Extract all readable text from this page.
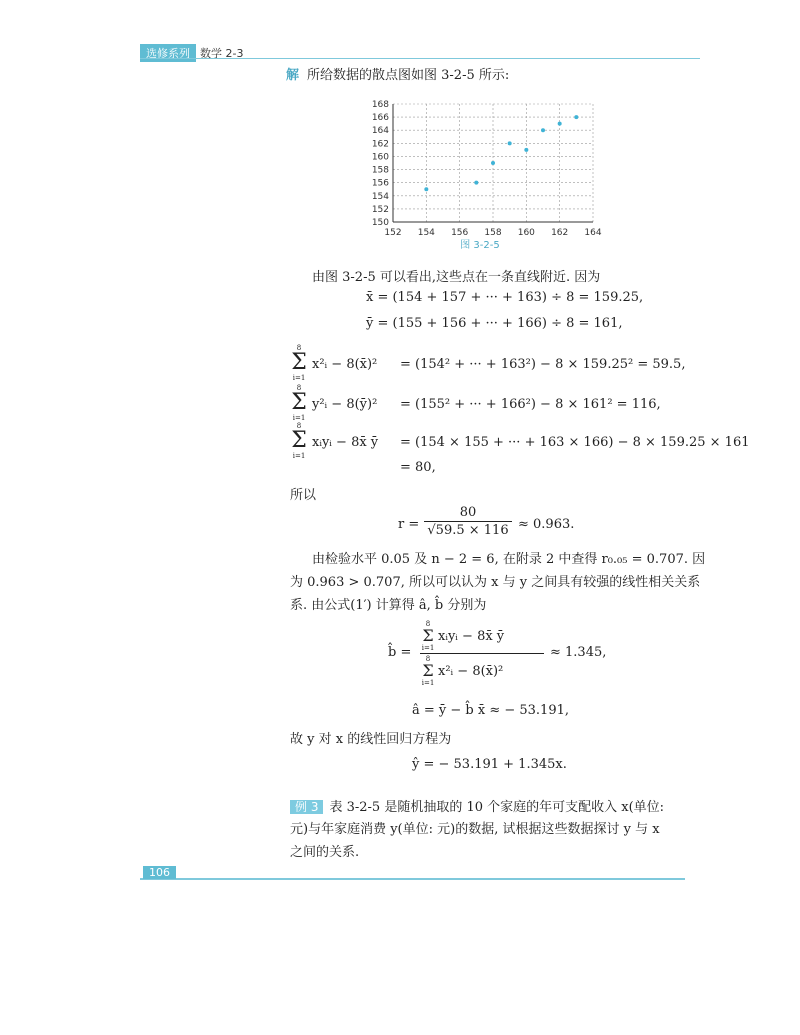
选修系列 数学 2-3
解 所给数据的散点图如图 3-2-5 所示:
150
152
154
156
158
160
162
164
166
168
152 154 156 158 160 162 164
图 3-2-5
由图 3-2-5 可以看出,这些点在一条直线附近. 因为
x̄ = (154 + 157 + ··· + 163) ÷ 8 = 159.25,
ȳ = (155 + 156 + ··· + 166) ÷ 8 = 161,
8
Σ
i=1
x²ᵢ − 8(x̄)² = (154² + ··· + 163²) − 8 × 159.25² = 59.5,
8
Σ
i=1
y²ᵢ − 8(ȳ)² = (155² + ··· + 166²) − 8 × 161² = 116,
8
Σ
i=1
xᵢyᵢ − 8x̄ ȳ = (154 × 155 + ··· + 163 × 166) − 8 × 159.25 × 161
= 80,
所以
r =
80
√59.5 × 116 ≈ 0.963.
由检验水平 0.05 及 n − 2 = 6, 在附录 2 中查得 r₀.₀₅ = 0.707. 因
为 0.963 > 0.707, 所以可以认为 x 与 y 之间具有较强的线性相关关系
系. 由公式(1′) 计算得 â, b̂ 分别为
b̂ =
8
Σ
i=1
xᵢyᵢ − 8x̄ ȳ
8
Σ
i=1
x²ᵢ − 8(x̄)²
≈ 1.345,
â = ȳ − b̂ x̄ ≈ − 53.191,
故 y 对 x 的线性回归方程为
ŷ = − 53.191 + 1.345x.
例 3 表 3-2-5 是随机抽取的 10 个家庭的年可支配收入 x(单位:
元)与年家庭消费 y(单位: 元)的数据, 试根据这些数据探讨 y 与 x
之间的关系.
106
